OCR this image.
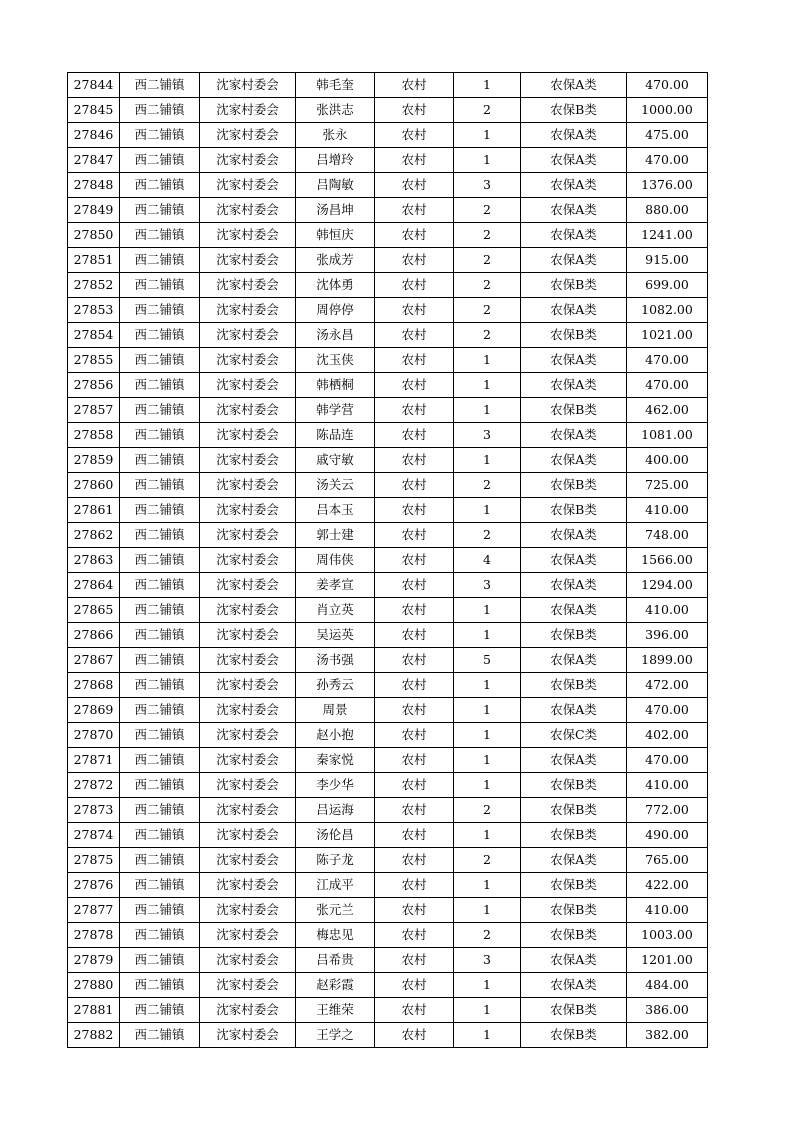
27844	西二铺镇	沈家村委会	韩毛奎	农村	1	农保A类	470.00
27845	西二铺镇	沈家村委会	张洪志	农村	2	农保B类	1000.00
27846	西二铺镇	沈家村委会	张永	农村	1	农保A类	475.00
27847	西二铺镇	沈家村委会	吕增玲	农村	1	农保A类	470.00
27848	西二铺镇	沈家村委会	吕陶敏	农村	3	农保A类	1376.00
27849	西二铺镇	沈家村委会	汤昌坤	农村	2	农保A类	880.00
27850	西二铺镇	沈家村委会	韩恒庆	农村	2	农保A类	1241.00
27851	西二铺镇	沈家村委会	张成芳	农村	2	农保A类	915.00
27852	西二铺镇	沈家村委会	沈体勇	农村	2	农保B类	699.00
27853	西二铺镇	沈家村委会	周停停	农村	2	农保A类	1082.00
27854	西二铺镇	沈家村委会	汤永昌	农村	2	农保B类	1021.00
27855	西二铺镇	沈家村委会	沈玉侠	农村	1	农保A类	470.00
27856	西二铺镇	沈家村委会	韩栖桐	农村	1	农保A类	470.00
27857	西二铺镇	沈家村委会	韩学营	农村	1	农保B类	462.00
27858	西二铺镇	沈家村委会	陈品连	农村	3	农保A类	1081.00
27859	西二铺镇	沈家村委会	戚守敏	农村	1	农保A类	400.00
27860	西二铺镇	沈家村委会	汤关云	农村	2	农保B类	725.00
27861	西二铺镇	沈家村委会	吕本玉	农村	1	农保B类	410.00
27862	西二铺镇	沈家村委会	郭士建	农村	2	农保A类	748.00
27863	西二铺镇	沈家村委会	周伟侠	农村	4	农保A类	1566.00
27864	西二铺镇	沈家村委会	姜孝宣	农村	3	农保A类	1294.00
27865	西二铺镇	沈家村委会	肖立英	农村	1	农保A类	410.00
27866	西二铺镇	沈家村委会	吴运英	农村	1	农保B类	396.00
27867	西二铺镇	沈家村委会	汤书强	农村	5	农保A类	1899.00
27868	西二铺镇	沈家村委会	孙秀云	农村	1	农保B类	472.00
27869	西二铺镇	沈家村委会	周景	农村	1	农保A类	470.00
27870	西二铺镇	沈家村委会	赵小抱	农村	1	农保C类	402.00
27871	西二铺镇	沈家村委会	秦家悦	农村	1	农保A类	470.00
27872	西二铺镇	沈家村委会	李少华	农村	1	农保B类	410.00
27873	西二铺镇	沈家村委会	吕运海	农村	2	农保B类	772.00
27874	西二铺镇	沈家村委会	汤伦昌	农村	1	农保B类	490.00
27875	西二铺镇	沈家村委会	陈子龙	农村	2	农保A类	765.00
27876	西二铺镇	沈家村委会	江成平	农村	1	农保B类	422.00
27877	西二铺镇	沈家村委会	张元兰	农村	1	农保B类	410.00
27878	西二铺镇	沈家村委会	梅忠见	农村	2	农保B类	1003.00
27879	西二铺镇	沈家村委会	吕希贵	农村	3	农保A类	1201.00
27880	西二铺镇	沈家村委会	赵彩霞	农村	1	农保A类	484.00
27881	西二铺镇	沈家村委会	王维荣	农村	1	农保B类	386.00
27882	西二铺镇	沈家村委会	王学之	农村	1	农保B类	382.00
